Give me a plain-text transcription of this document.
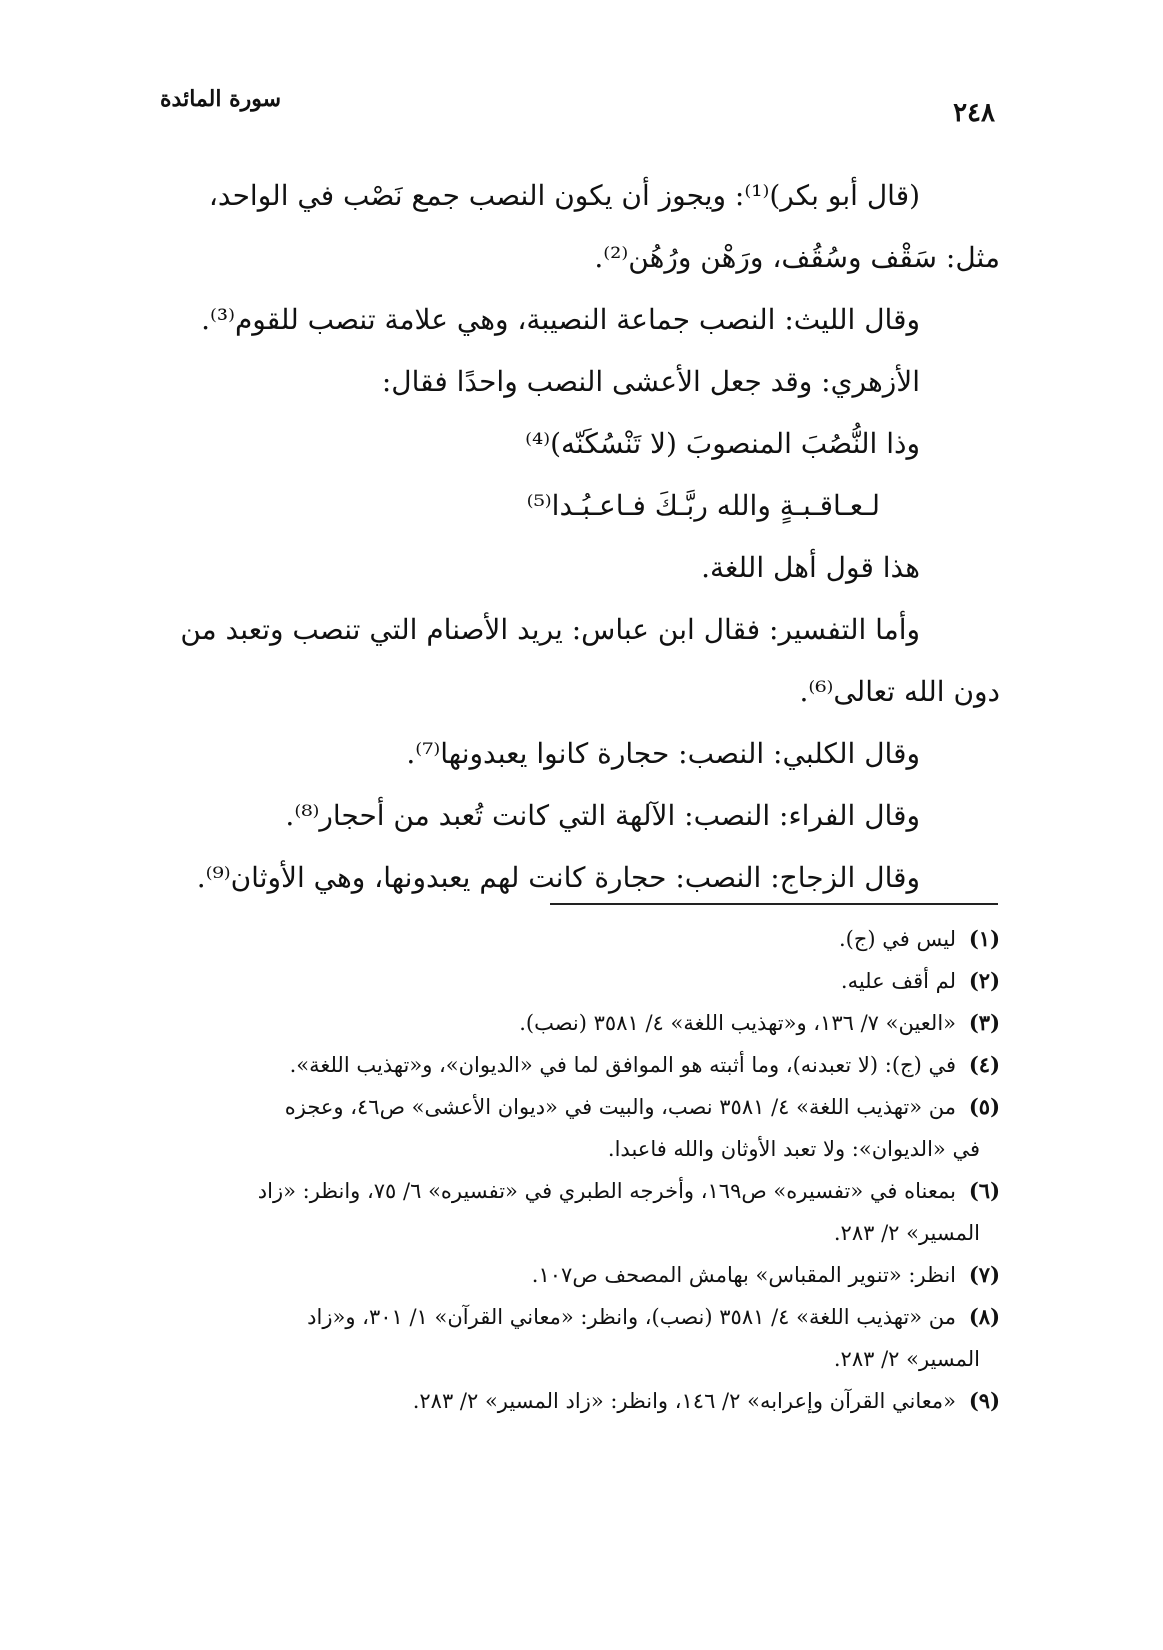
سورة المائدة	٢٤٨

(قال أبو بكر)⁽¹⁾: ويجوز أن يكون النصب جمع نَصْب في الواحد،

مثل: سَقْف وسُقُف، ورَهْن ورُهُن⁽²⁾.

وقال الليث: النصب جماعة النصيبة، وهي علامة تنصب للقوم⁽³⁾.

الأزهري: وقد جعل الأعشى النصب واحدًا فقال:

وذا النُّصُبَ المنصوبَ (لا تَنْسُكَنّه)⁽⁴⁾

لـعـاقـبـةٍ والله ربَّـكَ فـاعـبُـدا⁽⁵⁾

هذا قول أهل اللغة.

وأما التفسير: فقال ابن عباس: يريد الأصنام التي تنصب وتعبد من

دون الله تعالى⁽⁶⁾.

وقال الكلبي: النصب: حجارة كانوا يعبدونها⁽⁷⁾.

وقال الفراء: النصب: الآلهة التي كانت تُعبد من أحجار⁽⁸⁾.

وقال الزجاج: النصب: حجارة كانت لهم يعبدونها، وهي الأوثان⁽⁹⁾.

(١)
ليس في (ج).
(٢)
لم أقف عليه.
(٣)
«العين» ٧/ ١٣٦، و«تهذيب اللغة» ٤/ ٣٥٨١ (نصب).
(٤)
في (ج): (لا تعبدنه)، وما أثبته هو الموافق لما في «الديوان»، و«تهذيب اللغة».
(٥)
من «تهذيب اللغة» ٤/ ٣٥٨١ نصب، والبيت في «ديوان الأعشى» ص٤٦، وعجزه
في «الديوان»: ولا تعبد الأوثان والله فاعبدا.
(٦)
بمعناه في «تفسيره» ص١٦٩، وأخرجه الطبري في «تفسيره» ٦/ ٧٥، وانظر: «زاد
المسير» ٢/ ٢٨٣.
(٧)
انظر: «تنوير المقباس» بهامش المصحف ص١٠٧.
(٨)
من «تهذيب اللغة» ٤/ ٣٥٨١ (نصب)، وانظر: «معاني القرآن» ١/ ٣٠١، و«زاد
المسير» ٢/ ٢٨٣.
(٩)
«معاني القرآن وإعرابه» ٢/ ١٤٦، وانظر: «زاد المسير» ٢/ ٢٨٣.
